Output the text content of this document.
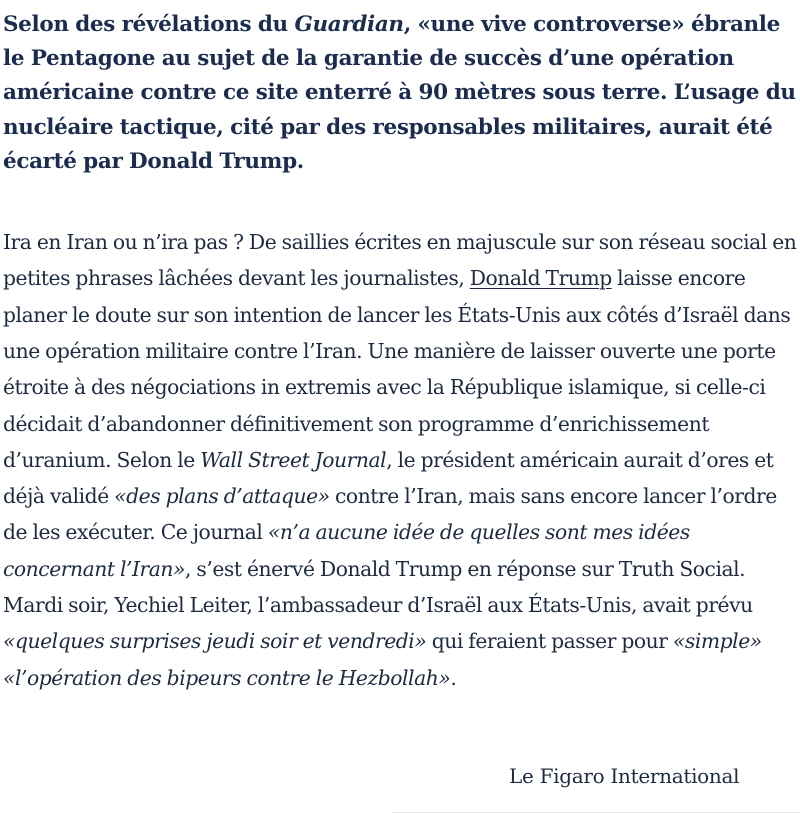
Selon des révélations du Guardian, «une vive controverse» ébranle le Pentagone au sujet de la garantie de succès d’une opération américaine contre ce site enterré à 90 mètres sous terre. L’usage du nucléaire tactique, cité par des responsables militaires, aurait été écarté par Donald Trump.

Ira en Iran ou n’ira pas ? De saillies écrites en majuscule sur son réseau social en petites phrases lâchées devant les journalistes, Donald Trump laisse encore planer le doute sur son intention de lancer les États-Unis aux côtés d’Israël dans une opération militaire contre l’Iran. Une manière de laisser ouverte une porte étroite à des négociations in extremis avec la République islamique, si celle-ci décidait d’abandonner définitivement son programme d’enrichissement d’uranium. Selon le Wall Street Journal, le président américain aurait d’ores et déjà validé «des plans d’attaque» contre l’Iran, mais sans encore lancer l’ordre de les exécuter. Ce journal «n’a aucune idée de quelles sont mes idées concernant l’Iran», s’est énervé Donald Trump en réponse sur Truth Social. Mardi soir, Yechiel Leiter, l’ambassadeur d’Israël aux États-Unis, avait prévu «quelques surprises jeudi soir et vendredi» qui feraient passer pour «simple» «l’opération des bipeurs contre le Hezbollah».

Le Figaro International
